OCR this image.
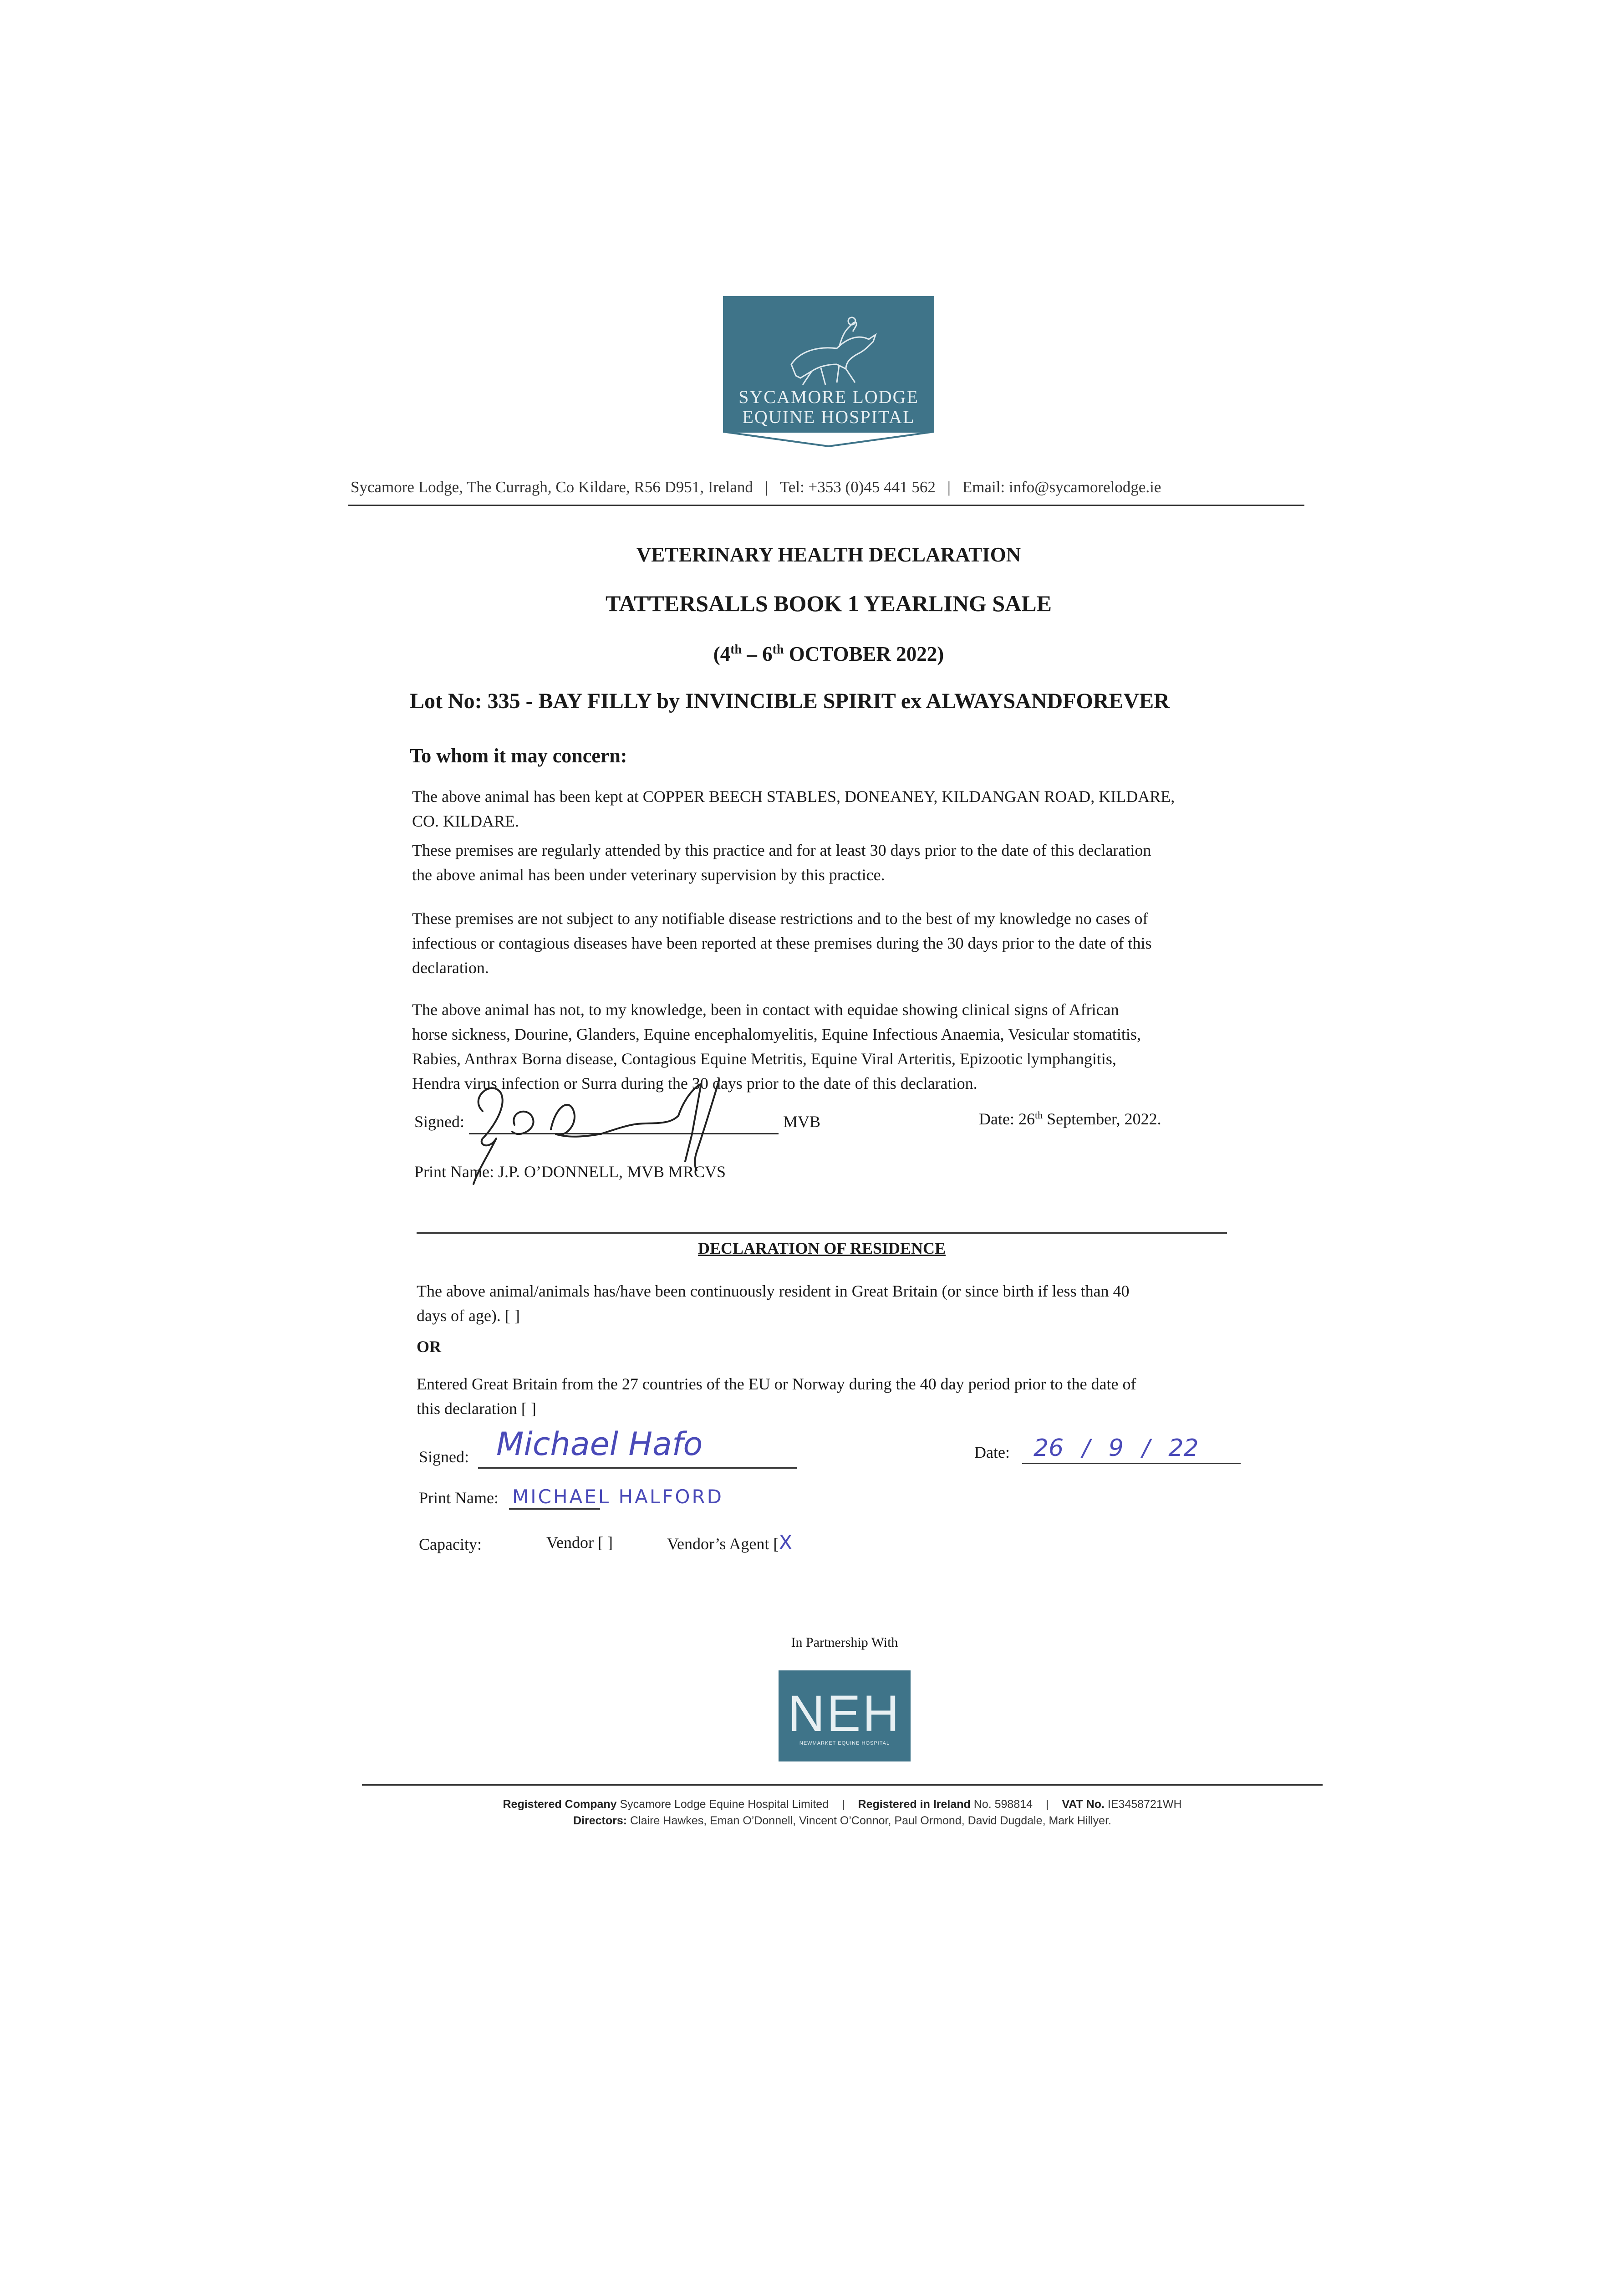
SYCAMORE LODGE
EQUINE HOSPITAL
Sycamore Lodge, The Curragh, Co Kildare, R56 D951, Ireland | Tel: +353 (0)45 441 562 | Email: info@sycamorelodge.ie
VETERINARY HEALTH DECLARATION
TATTERSALLS BOOK 1 YEARLING SALE
(4th – 6th OCTOBER 2022)
Lot No: 335 - BAY FILLY by INVINCIBLE SPIRIT ex ALWAYSANDFOREVER
To whom it may concern:
The above animal has been kept at COPPER BEECH STABLES, DONEANEY, KILDANGAN ROAD, KILDARE,
CO. KILDARE.
These premises are regularly attended by this practice and for at least 30 days prior to the date of this declaration
the above animal has been under veterinary supervision by this practice.
These premises are not subject to any notifiable disease restrictions and to the best of my knowledge no cases of
infectious or contagious diseases have been reported at these premises during the 30 days prior to the date of this
declaration.
The above animal has not, to my knowledge, been in contact with equidae showing clinical signs of African
horse sickness, Dourine, Glanders, Equine encephalomyelitis, Equine Infectious Anaemia, Vesicular stomatitis,
Rabies, Anthrax Borna disease, Contagious Equine Metritis, Equine Viral Arteritis, Epizootic lymphangitis,
Hendra virus infection or Surra during the 30 days prior to the date of this declaration.
Signed:	MVB	Date: 26th September, 2022.
Print Name: J.P. O’DONNELL, MVB MRCVS
DECLARATION OF RESIDENCE
The above animal/animals has/have been continuously resident in Great Britain (or since birth if less than 40
days of age). [ ]
OR
Entered Great Britain from the 27 countries of the EU or Norway during the 40 day period prior to the date of
this declaration [ ]
Signed: Michael Hafo	Date: 26 / 9 / 22
Print Name: MICHAEL HALFORD
Capacity:	Vendor [ ]	Vendor’s Agent [X
In Partnership With
NEH
NEWMARKET EQUINE HOSPITAL
Registered Company Sycamore Lodge Equine Hospital Limited | Registered in Ireland No. 598814 | VAT No. IE3458721WH
Directors: Claire Hawkes, Eman O’Donnell, Vincent O’Connor, Paul Ormond, David Dugdale, Mark Hillyer.
